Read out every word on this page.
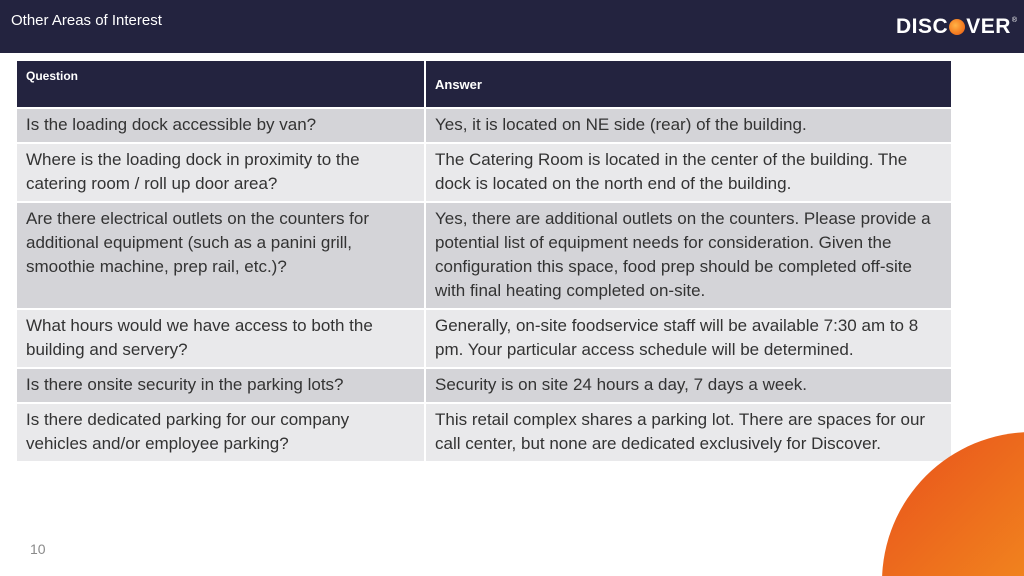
Other Areas of Interest	DISC VER ®
Question	Answer
Is the loading dock accessible by van?	Yes, it is located on NE side (rear) of the building.
Where is the loading dock in proximity to the catering room / roll up door area?	The Catering Room is located in the center of the building. The dock is located on the north end of the building.
Are there electrical outlets on the counters for additional equipment (such as a panini grill, smoothie machine, prep rail, etc.)?	Yes, there are additional outlets on the counters. Please provide a potential list of equipment needs for consideration. Given the configuration this space, food prep should be completed off-site with final heating completed on-site.
What hours would we have access to both the building and servery?	Generally, on-site foodservice staff will be available 7:30 am to 8 pm. Your particular access schedule will be determined.
Is there onsite security in the parking lots?	Security is on site 24 hours a day, 7 days a week.
Is there dedicated parking for our company vehicles and/or employee parking?	This retail complex shares a parking lot. There are spaces for our call center, but none are dedicated exclusively for Discover.
10
